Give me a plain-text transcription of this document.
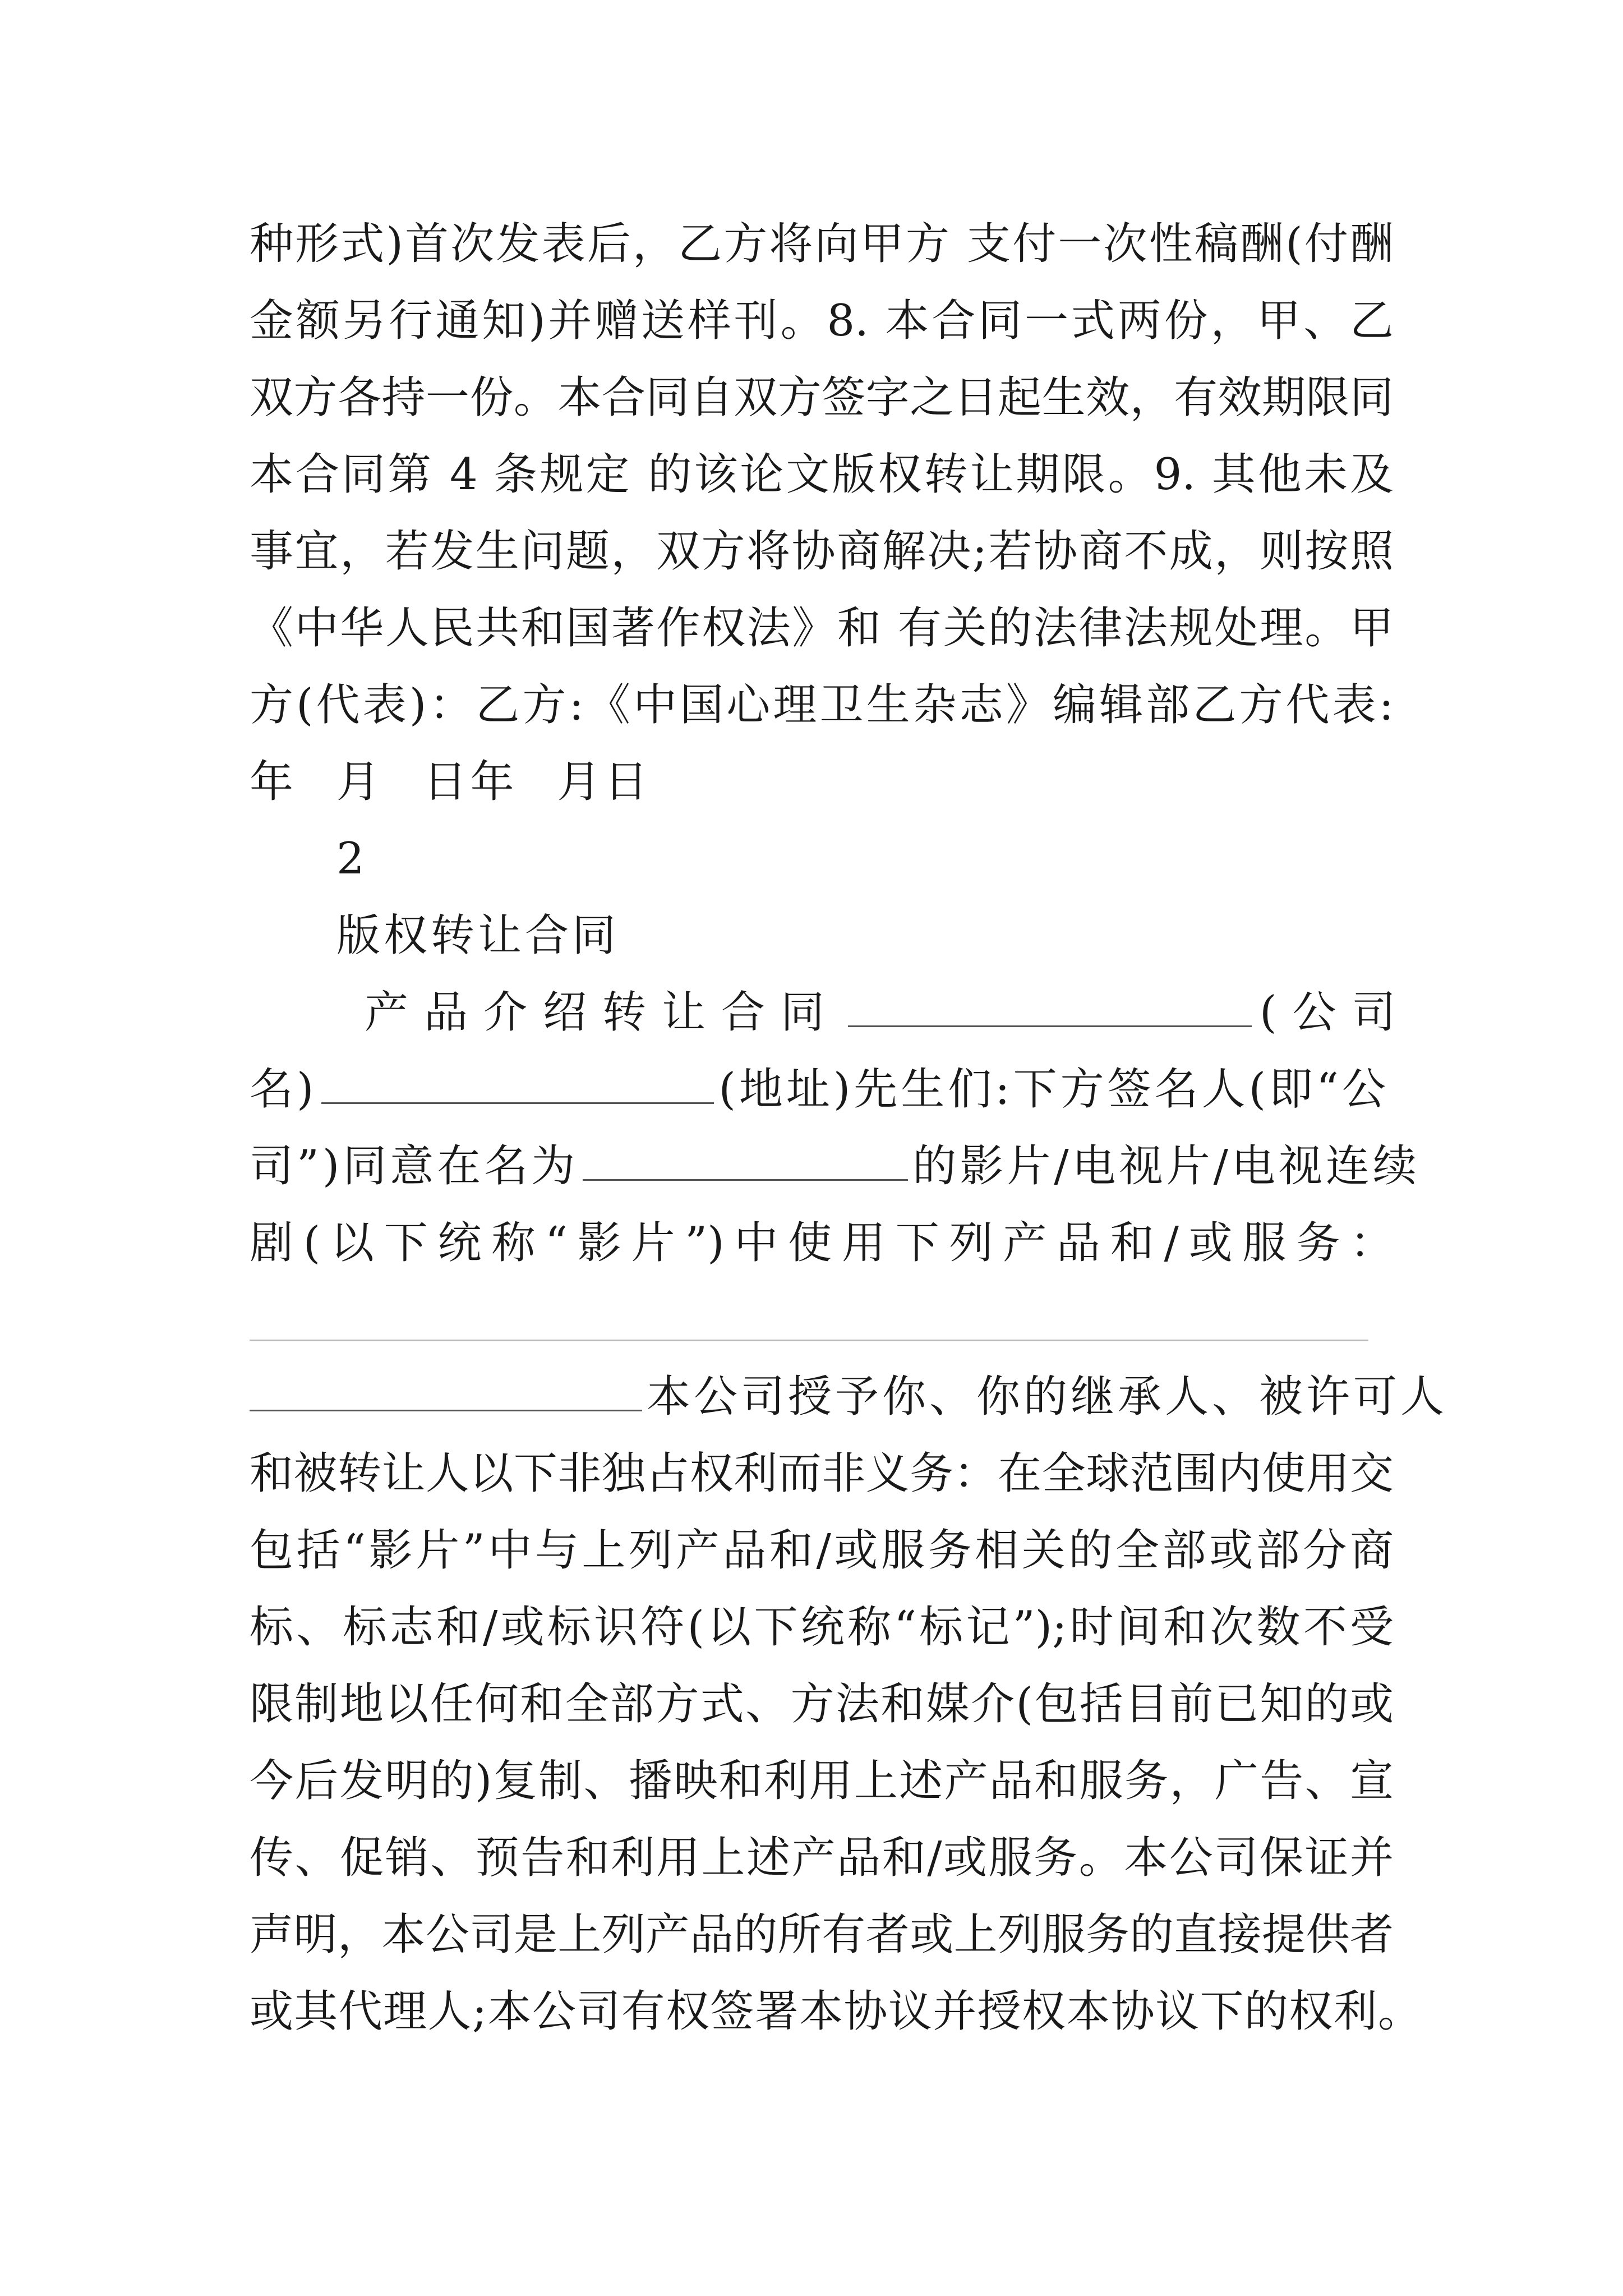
种形式)首次发表后，乙方将向甲方 支付一次性稿酬(付酬
金额另行通知)并赠送样刊。8. 本合同一式两份，甲、乙
双方各持一份。本合同自双方签字之日起生效，有效期限同
本合同第 4 条规定 的该论文版权转让期限。9. 其他未及
事宜，若发生问题，双方将协商解决;若协商不成，则按照
《中华人民共和国著作权法》和 有关的法律法规处理。甲
方(代表)：乙方:《中国心理卫生杂志》编辑部乙方代表:
年 月 日年 月日
2
版权转让合同
产品介绍转让合同	(公司
名)	(地址)先生们:下方签名人(即“公
司”)同意在名为	的影片/电视片/电视连续
剧(以下统称“影片”)中使用下列产品和/或服务：
本公司授予你、你的继承人、被许可人
和被转让人以下非独占权利而非义务：在全球范围内使用交
包括“影片”中与上列产品和/或服务相关的全部或部分商
标、标志和/或标识符(以下统称“标记”);时间和次数不受
限制地以任何和全部方式、方法和媒介(包括目前已知的或
今后发明的)复制、播映和利用上述产品和服务，广告、宣
传、促销、预告和利用上述产品和/或服务。本公司保证并
声明，本公司是上列产品的所有者或上列服务的直接提供者
或其代理人;本公司有权签署本协议并授权本协议下的权利。
